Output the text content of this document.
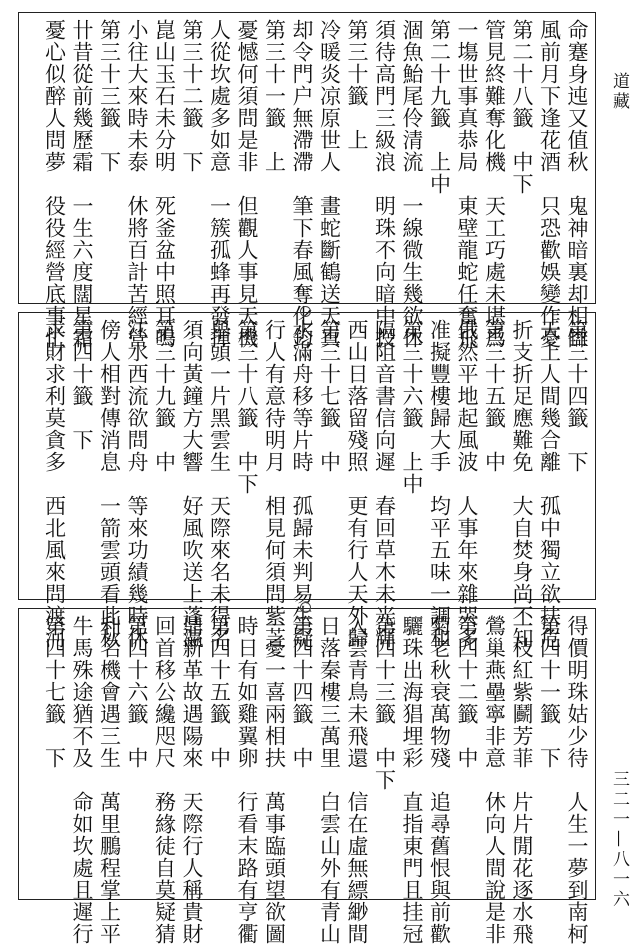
道藏
三二一—八一六
命蹇身迍又值秋　鬼神暗裏却相讎
風前月下逢花酒　只恐歡娛變作憂
第二十八籤　中下
管見終難奪化機　天工巧處未堪爲
一塲世事真恭局　東壁龍蛇任奮飛
第二十九籤　上中
涸魚鮐尾伶清流　一線微生幾欲休
須待高門三級浪　明珠不向暗中投
第三十籤　上
冷暖炎凉原世人　畫蛇斷鶴送天真
却令門户無滯滯　筆下春風奪化鈞
第三十一籤　上
憂憾何須問是非　但觀人事見天機
人從坎處多如意　一簇孤蜂再發揮
第三十二籤　下
崑山玉石未分明　死釜盆中照耳鳴
小往大來時未泰　休將百計苦經營
第三十三籤　下
卄昔從前幾歷霜　一生六度闊星霜
憂心似醉人問夢　役役經營底事忙
第三十四籤　下
天上人間幾合離　孤中獨立欲扶危
折支折足應難免　大自焚身尚不知
第三十五籤　中
俄然平地起風波　人事年來雜哭多
准擬豐樓歸大手　均平五味一調和
第三十六籤　上中
隔阻音書信向遲　春回草木未光輝
西山日落留殘照　更有行人天外歸
第三十七籤　中
水滿舟移等片時　孤歸未判易生疑
行人有意待明月　相見何須問紫芝
第三十八籤　中下
舉頭一片黑雲生　天際來名未得名
須向黃鐘方大響　好風吹送上蓬瀛
第三十九籤　中
江水西流欲問舟　等來功績幾時休
傍人相對傳消息　一箭雲頭看此秋
第四十籤　下
求財求利莫貪多　西北風來問渡河
得價明珠姑少待　人生一夢到南柯
第四十一籤　下
一枝紅紫鬬芳菲　片片閒花逐水飛
鶯巢燕壘寧非意　休向人間說是非
第四十二籤　中
菊老秋衰萬物殘　追尋舊恨與前歡
驪珠出海猖埋彩　直指東門且挂冠
第四十三籤　中下
入雲青鳥未飛還　信在虛無縹緲間
日落秦樓三萬里　白雲山外有青山
第四十四籤　中
一憂一喜兩相扶　萬事臨頭望欲圖
時日有如雞翼卵　行看末路有亨衢
第四十五籤　中
鼎新革故遇陽來　天際行人稱貴財
回首移公纔咫尺　務緣徒自莫疑猜
第四十六籤　中
利名機會遇三生　萬里鵬程掌上平
牛馬殊途猶不及　命如坎處且遲行
第四十七籤　下
